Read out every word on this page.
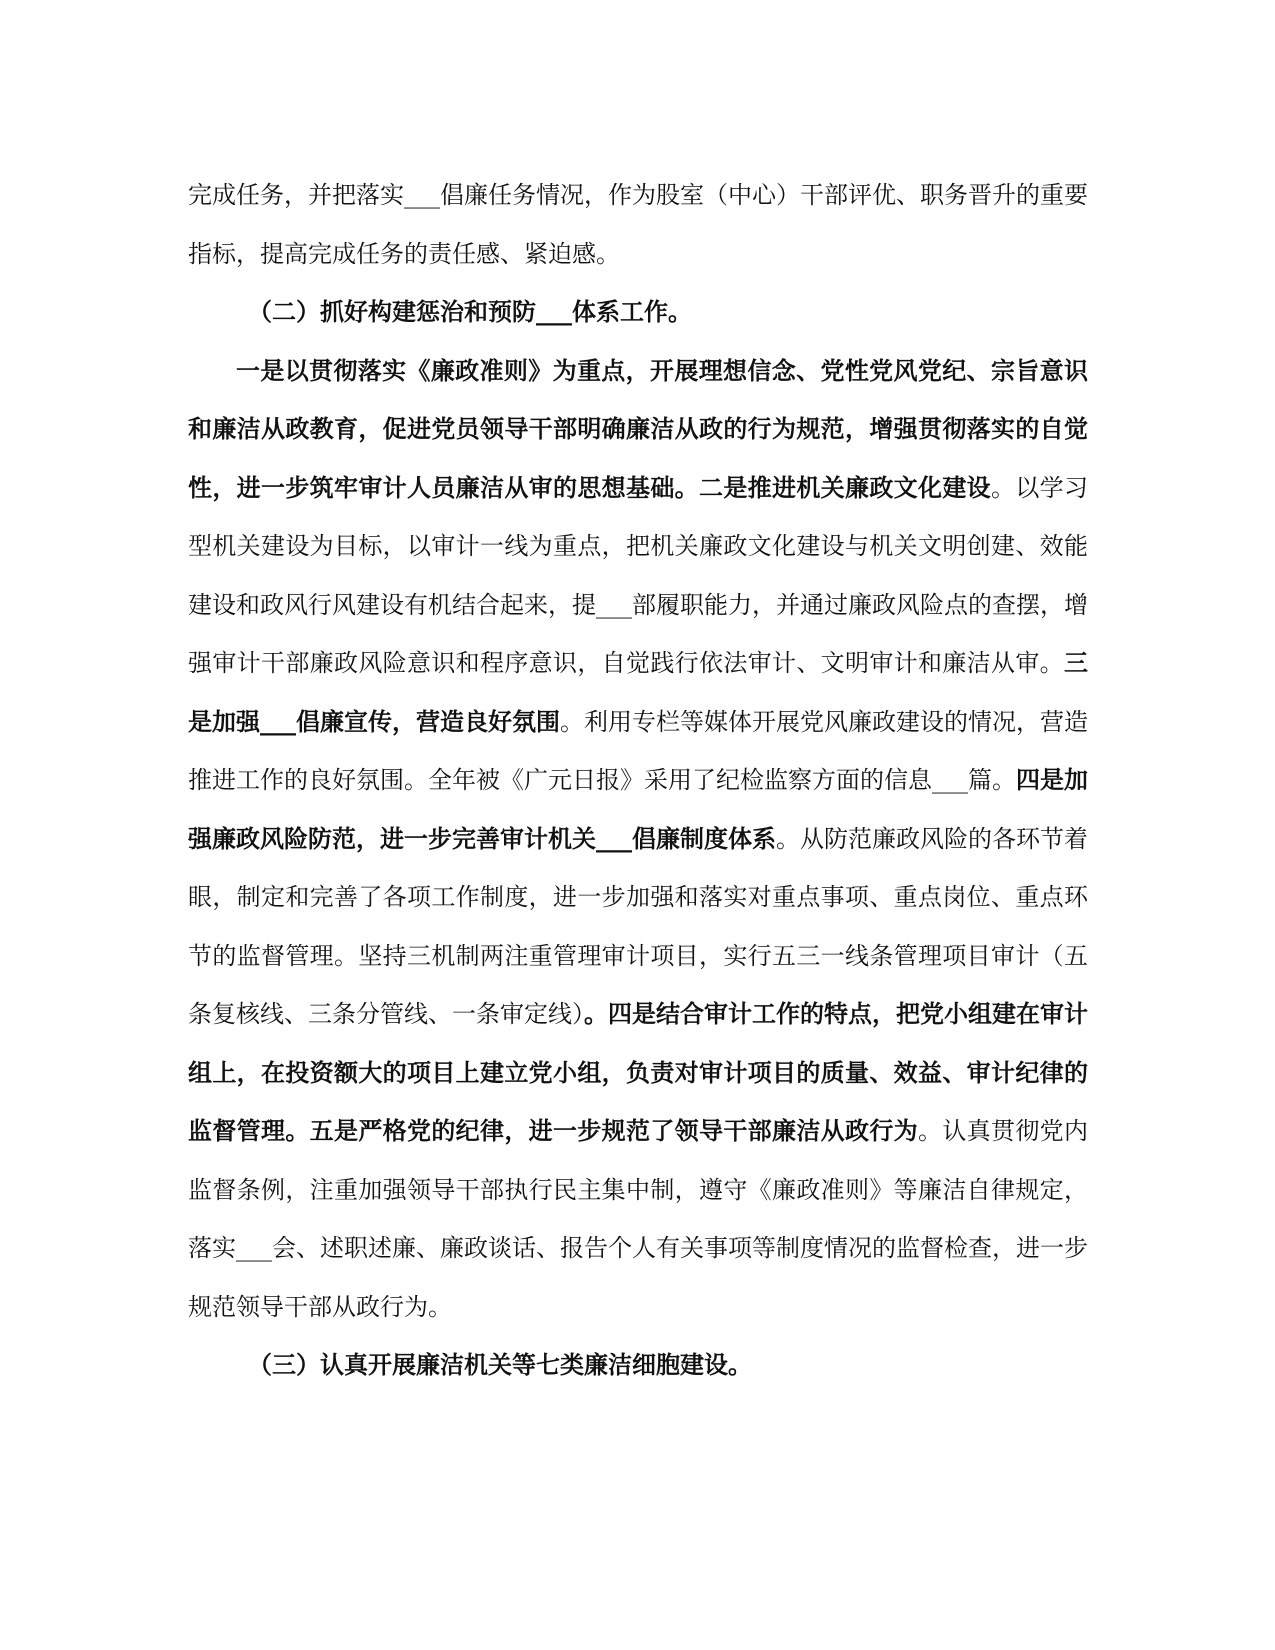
完成任务，并把落实___倡廉任务情况，作为股室（中心）干部评优、职务晋升的重要指标，提高完成任务的责任感、紧迫感。

（二）抓好构建惩治和预防___体系工作。

一是以贯彻落实《廉政准则》为重点，开展理想信念、党性党风党纪、宗旨意识和廉洁从政教育，促进党员领导干部明确廉洁从政的行为规范，增强贯彻落实的自觉性，进一步筑牢审计人员廉洁从审的思想基础。二是推进机关廉政文化建设。以学习型机关建设为目标，以审计一线为重点，把机关廉政文化建设与机关文明创建、效能建设和政风行风建设有机结合起来，提___部履职能力，并通过廉政风险点的查摆，增强审计干部廉政风险意识和程序意识，自觉践行依法审计、文明审计和廉洁从审。三是加强___倡廉宣传，营造良好氛围。利用专栏等媒体开展党风廉政建设的情况，营造推进工作的良好氛围。全年被《广元日报》采用了纪检监察方面的信息___篇。四是加强廉政风险防范，进一步完善审计机关___倡廉制度体系。从防范廉政风险的各环节着眼，制定和完善了各项工作制度，进一步加强和落实对重点事项、重点岗位、重点环节的监督管理。坚持三机制两注重管理审计项目，实行五三一线条管理项目审计（五条复核线、三条分管线、一条审定线）。四是结合审计工作的特点，把党小组建在审计组上，在投资额大的项目上建立党小组，负责对审计项目的质量、效益、审计纪律的监督管理。五是严格党的纪律，进一步规范了领导干部廉洁从政行为。认真贯彻党内监督条例，注重加强领导干部执行民主集中制，遵守《廉政准则》等廉洁自律规定，落实___会、述职述廉、廉政谈话、报告个人有关事项等制度情况的监督检查，进一步规范领导干部从政行为。

（三）认真开展廉洁机关等七类廉洁细胞建设。
